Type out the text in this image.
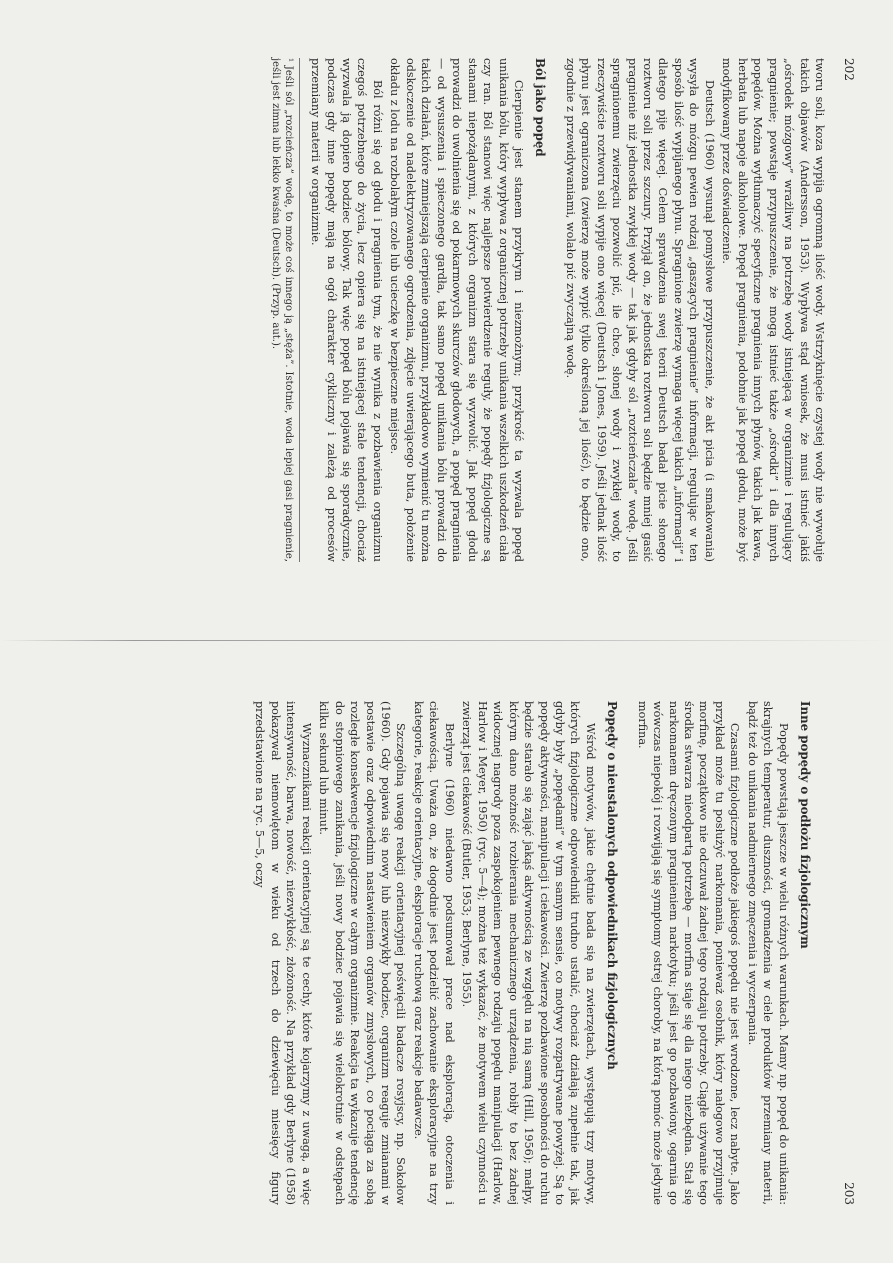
202

tworu soli, koza wypija ogromną ilość wody. Wstrzyknięcie czystej wody nie wywołuje takich objawów (Andersson, 1953). Wypływa stąd wniosek, że musi istnieć jakiś „ośrodek mózgowy” wrażliwy na potrzebę wody istniejącą w organizmie i regulujący pragnienie; powstaje przypuszczenie, że mogą istnieć także „ośrodki” i dla innych popędów. Można wytłumaczyć specyficzne pragnienia innych płynów, takich jak kawa, herbata lub napoje alkoholowe. Popęd pragnienia, podobnie jak popęd głodu, może być modyfikowany przez doświadczenie.

Deutsch (1960) wysunął pomysłowe przypuszczenie, że akt picia (i smakowania) wysyła do mózgu pewien rodzaj „gaszących pragnienie” informacji, regulując w ten sposób ilość wypijanego płynu. Spragnione zwierzę wymaga więcej takich „informacji” i dlatego pije więcej. Celem sprawdzenia swej teorii Deutsch badał picie słonego roztworu soli przez szczury. Przyjął on, że jednostka roztworu soli będzie mniej gasić pragnienie niż jednostka zwykłej wody — tak jak gdyby sól „roztcieńczała” wodę. Jeśli spragnionemu zwierzęciu pozwolić pić, ile chce, słonej wody i zwykłej wody, to rzeczywiście roztworu soli wypije ono więcej (Deutsch i Jones, 1959). Jeśli jednak ilość płynu jest ograniczona (zwierzę może wypić tylko określoną jej ilość), to będzie ono, zgodnie z przewidywaniami, wolało pić zwyczajną wodę.

Ból jako popęd

Cierpienie jest stanem przykrym i niezmożnym; przykrość ta wyzwala popęd unikania bólu, który wypływa z organicznej potrzeby unikania wszelkich uszkodzeń ciała czy ran. Ból stanowi więc najlepsze potwierdzenie reguły, że popędy fizjologiczne są stanami niepożądanymi, z których organizm stara się wyzwolić. Jak popęd głodu prowadzi do uwolnienia się od pokarmowych skurczów głodowych, a popęd pragnienia — od wysuszenia i spieczonego gardła, tak samo popęd unikania bólu prowadzi do takich działań, które zmniejszają cierpienie organizmu, przykładowo wymienić tu można odskoczenie od nadelektryzowanego ogrodzenia, zdjęcie uwierającego buta, położenie okładu z lodu na rozbolałym czole lub ucieczkę w bezpieczne miejsce.

Ból różni się od głodu i pragnienia tym, że nie wynika z pozbawienia organizmu czegoś potrzebnego do życia, lecz opiera się na istniejącej stale tendencji, chociaż wyzwala ją dopiero bodziec bólowy. Tak więc popęd bólu pojawia się sporadycznie, podczas gdy inne popędy mają na ogół charakter cykliczny i zależą od procesów przemiany materii w organizmie.

¹ Jeśli sól „rozcieńcza” wodę, to może coś innego ją „stęża”. Istotnie, woda lepiej gasi pragnienie, jeśli jest zimna lub lekko kwaśna (Deutsch). (Przyp. aut.).
203
Inne popędy o podłożu fizjologicznym

Popędy powstają jeszcze w wielu różnych warunkach. Mamy np. popęd do unikania: skrajnych temperatur, duszności, gromadzenia w ciele produktów przemiany materii, bądź też do unikania nadmiernego zmęczenia i wyczerpania.

Czasami fizjologiczne podłoże jakiegoś popędu nie jest wrodzone, lecz nabyte. Jako przykład może tu posłużyć narkomania, ponieważ osobnik, który nałogowo przyjmuje morfinę, początkowo nie odczuwał żadnej tego rodzaju potrzeby. Ciągłe używanie tego środka stwarza nieodpartą potrzebę — morfina staje się dla niego niezbędna. Stał się narkomanem dręczonym pragnieniem narkotyku; jeśli jest go pozbawiony, ogarnia go wówczas niepokój i rozwijają się symptomy ostrej choroby, na którą pomóc może jedynie morfina.

Popędy o nieustalonych odpowiednikach fizjologicznych

Wśród motywów, jakie chętnie bada się na zwierzętach, występują trzy motywy, których fizjologiczne odpowiedniki trudno ustalić, chociaż działają zupełnie tak, jak gdyby były „popędami” w tym samym sensie, co motywy rozpatrywane powyżej. Są to popędy aktywności, manipulacji i ciekawości. Zwierzę pozbawione sposobności do ruchu będzie starało się zająć jakąś aktywnością ze względu na nią samą (Hill, 1956); małpy, którym dano możność rozbierania mechanicznego urządzenia, robiły to bez żadnej widocznej nagrody poza zaspokojeniem pewnego rodzaju popędu manipulacji (Harlow, Harlow i Meyer, 1950) (ryc. 5—4); można też wykazać, że motywem wielu czynności u zwierząt jest ciekawość (Butler, 1953; Berlyne, 1955).

Berlyne (1960) niedawno podsumował prace nad eksploracją, otoczenia i ciekawością. Uważa on, że dogodnie jest podzielić zachowanie eksploracyjne na trzy kategorie, reakcje orientacyjne, eksploracje ruchową oraz reakcje badawcze.

Szczególną uwagę reakcji orientacyjnej poświęcili badacze rosyjscy, np. Sokołow (1960). Gdy pojawia się nowy lub niezwykły bodziec, organizm reaguje zmianami w postawie oraz odpowiednim nastawieniem organów zmysłowych, co pociąga za sobą rozległe konsekwencje fizjologiczne w całym organizmie. Reakcja ta wykazuje tendencję do stopniowego zanikania, jeśli nowy bodziec pojawia się wielokrotnie w odstępach kilku sekund lub minut.

Wyznacznikami reakcji orientacyjnej są te cechy, które kojarzymy z uwagą, a więc intensywność, barwa, nowość, niezwykłość, złożoność. Na przykład gdy Berlyne (1958) pokazywał niemowlętom w wieku od trzech do dziewięciu miesięcy figury przedstawione na ryc. 5—5, oczy
